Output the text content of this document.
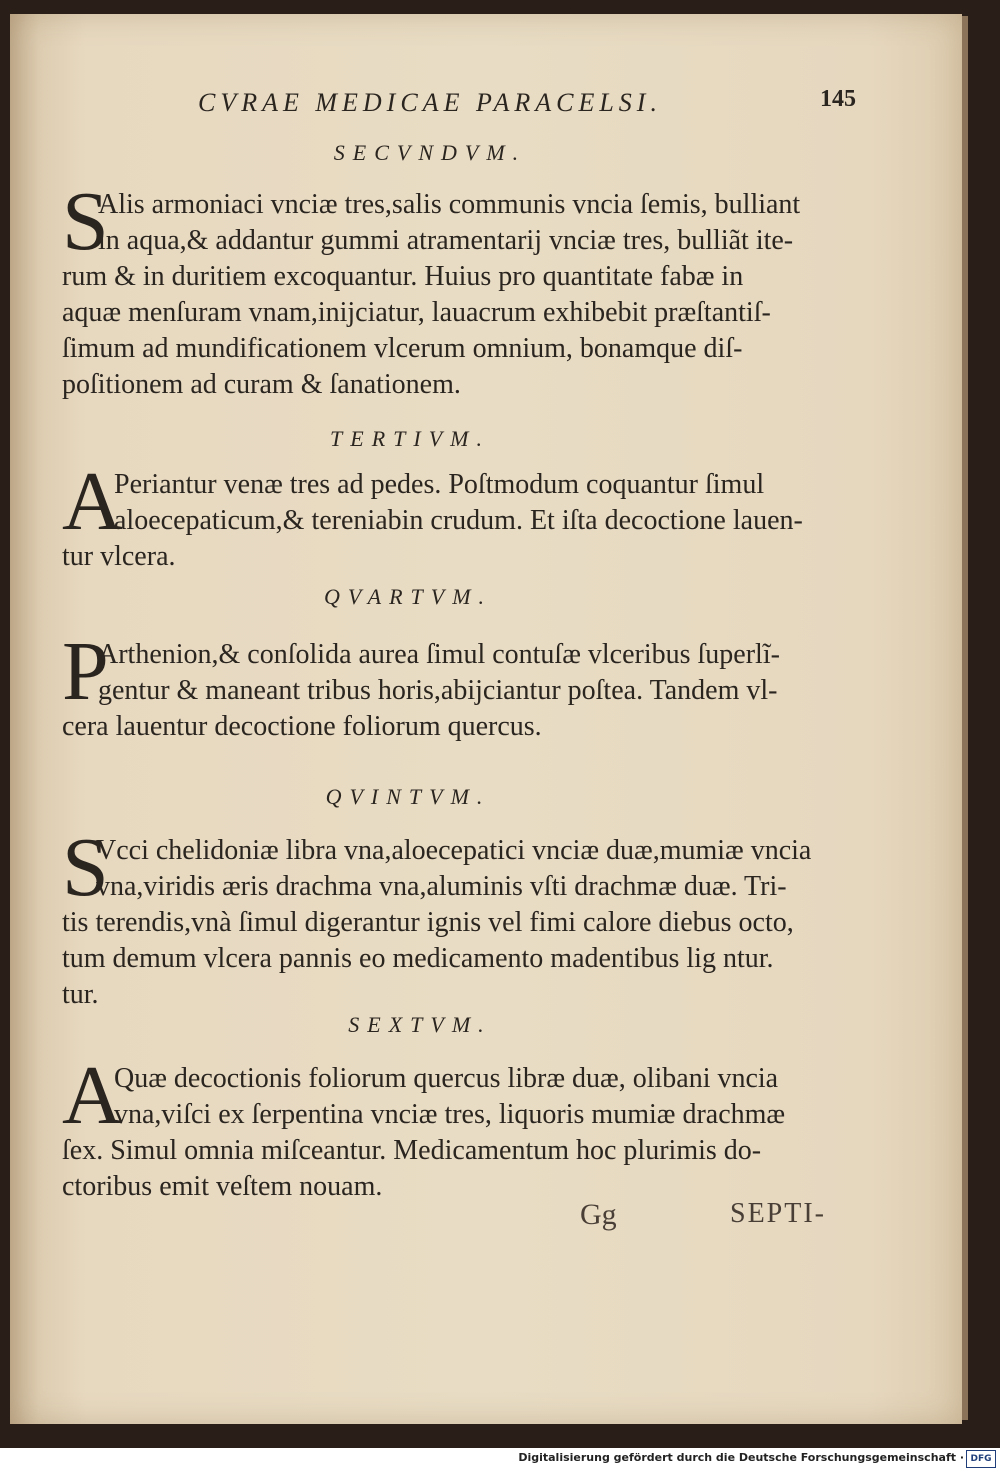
CVRAE MEDICAE PARACELSI.	145
SECVNDVM.
S
Alis armoniaci vnciæ tres,salis communis vncia ſemis, bulliant
in aqua,& addantur gummi atramentarij vnciæ tres, bulliãt ite-
rum & in duritiem excoquantur. Huius pro quantitate fabæ in
aquæ menſuram vnam,inijciatur, lauacrum exhibebit præſtantiſ-
ſimum ad mundificationem vlcerum omnium, bonamque diſ-
poſitionem ad curam & ſanationem.
TERTIVM.
A
Periantur venæ tres ad pedes. Poſtmodum coquantur ſimul
aloecepaticum,& tereniabin crudum. Et iſta decoctione lauen-
tur vlcera.
QVARTVM.
P
Arthenion,& conſolida aurea ſimul contuſæ vlceribus ſuperlĩ-
gentur & maneant tribus horis,abijciantur poſtea. Tandem vl-
cera lauentur decoctione foliorum quercus.
QVINTVM.
S
Vcci chelidoniæ libra vna,aloecepatici vnciæ duæ,mumiæ vncia
vna,viridis æris drachma vna,aluminis vſti drachmæ duæ. Tri-
tis terendis,vnà ſimul digerantur ignis vel fimi calore diebus octo,
tum demum vlcera pannis eo medicamento madentibus lig ntur.
tur.
SEXTVM.
A
Quæ decoctionis foliorum quercus libræ duæ, olibani vncia
vna,viſci ex ſerpentina vnciæ tres, liquoris mumiæ drachmæ
ſex. Simul omnia miſceantur. Medicamentum hoc plurimis do-
ctoribus emit veſtem nouam.
Gg	SEPTI-
Digitalisierung gefördert durch die Deutsche Forschungsgemeinschaft · DFG
